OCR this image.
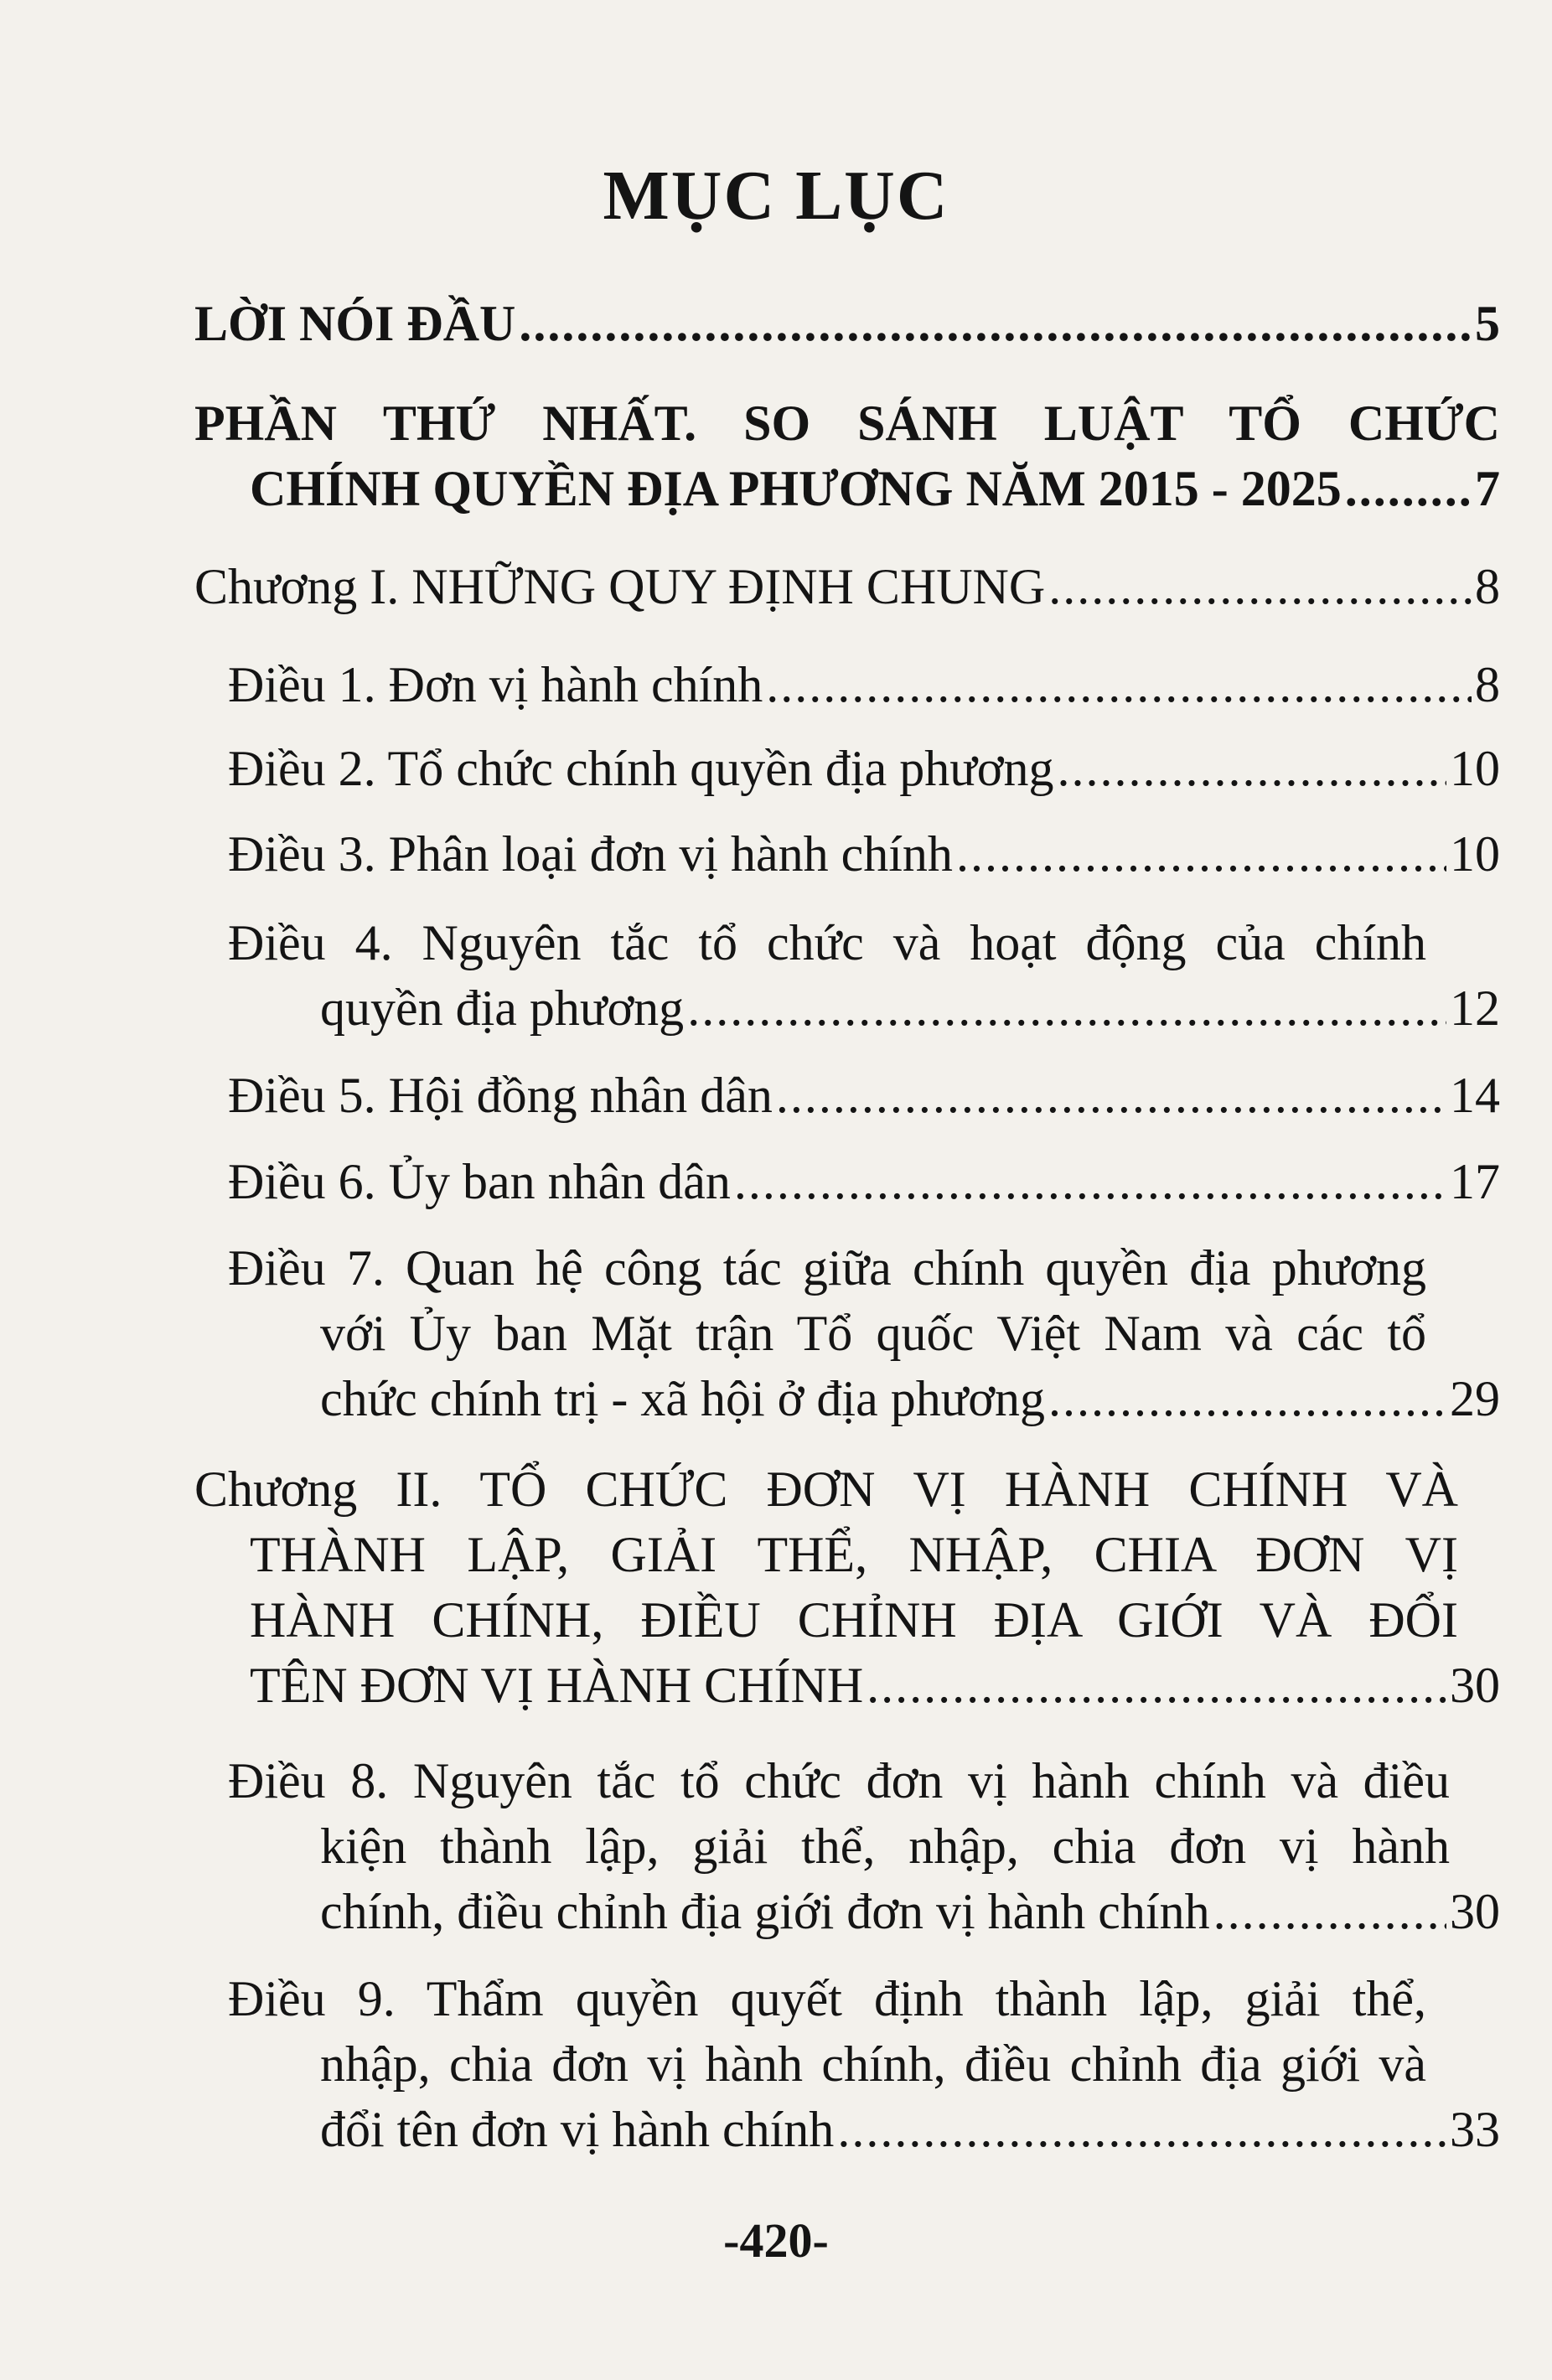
MỤC LỤC
LỜI NÓI ĐẦU .....	5
PHẦN THỨ NHẤT. SO SÁNH LUẬT TỔ CHỨC
CHÍNH QUYỀN ĐỊA PHƯƠNG NĂM 2015 - 2025 .....	7
Chương I. NHỮNG QUY ĐỊNH CHUNG .....	8
Điều 1. Đơn vị hành chính .....	8
Điều 2. Tổ chức chính quyền địa phương .....	10
Điều 3. Phân loại đơn vị hành chính .....	10
Điều 4. Nguyên tắc tổ chức và hoạt động của chính
quyền địa phương .....	12
Điều 5. Hội đồng nhân dân .....	14
Điều 6. Ủy ban nhân dân .....	17
Điều 7. Quan hệ công tác giữa chính quyền địa phương
với Ủy ban Mặt trận Tổ quốc Việt Nam và các tổ
chức chính trị - xã hội ở địa phương .....	29
Chương II. TỔ CHỨC ĐƠN VỊ HÀNH CHÍNH VÀ
THÀNH LẬP, GIẢI THỂ, NHẬP, CHIA ĐƠN VỊ
HÀNH CHÍNH, ĐIỀU CHỈNH ĐỊA GIỚI VÀ ĐỔI
TÊN ĐƠN VỊ HÀNH CHÍNH .....	30
Điều 8. Nguyên tắc tổ chức đơn vị hành chính và điều
kiện thành lập, giải thể, nhập, chia đơn vị hành
chính, điều chỉnh địa giới đơn vị hành chính .....	30
Điều 9. Thẩm quyền quyết định thành lập, giải thể,
nhập, chia đơn vị hành chính, điều chỉnh địa giới và
đổi tên đơn vị hành chính .....	33
-420-
